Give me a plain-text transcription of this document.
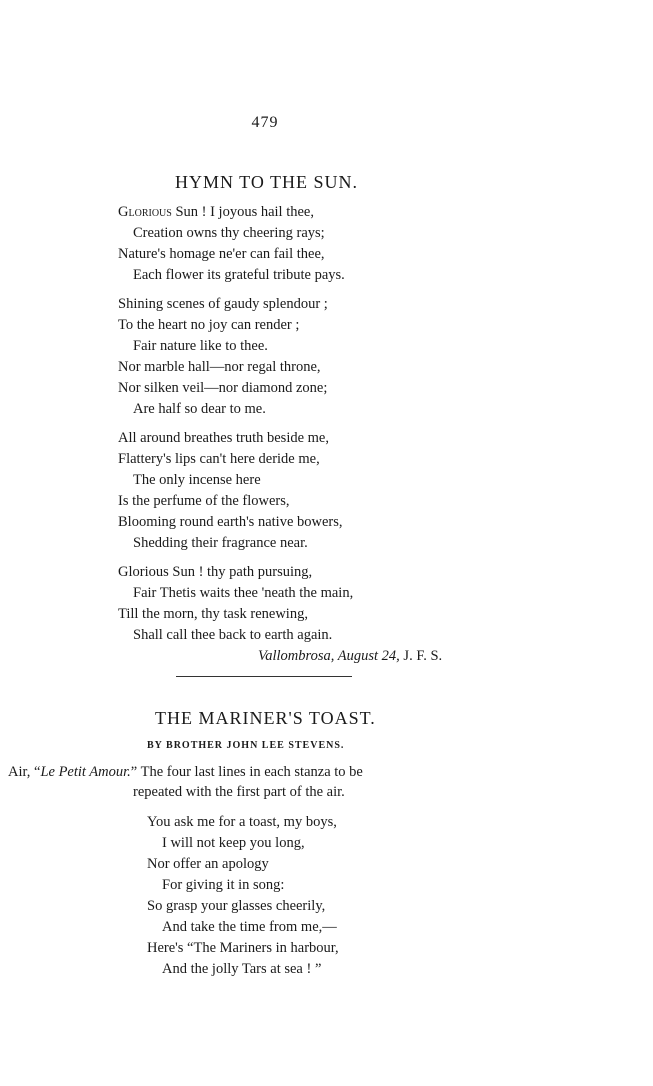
479
HYMN TO THE SUN.
Glorious Sun ! I joyous hail thee,
Creation owns thy cheering rays;
Nature's homage ne'er can fail thee,
Each flower its grateful tribute pays.
Shining scenes of gaudy splendour ;
To the heart no joy can render ;
Fair nature like to thee.
Nor marble hall—nor regal throne,
Nor silken veil—nor diamond zone;
Are half so dear to me.
All around breathes truth beside me,
Flattery's lips can't here deride me,
The only incense here
Is the perfume of the flowers,
Blooming round earth's native bowers,
Shedding their fragrance near.
Glorious Sun ! thy path pursuing,
Fair Thetis waits thee 'neath the main,
Till the morn, thy task renewing,
Shall call thee back to earth again.
Vallombrosa, August 24, J. F. S.
THE MARINER'S TOAST.
BY BROTHER JOHN LEE STEVENS.
Air, “Le Petit Amour.” The four last lines in each stanza to be
repeated with the first part of the air.
You ask me for a toast, my boys,
I will not keep you long,
Nor offer an apology
For giving it in song:
So grasp your glasses cheerily,
And take the time from me,—
Here's “The Mariners in harbour,
And the jolly Tars at sea ! ”
